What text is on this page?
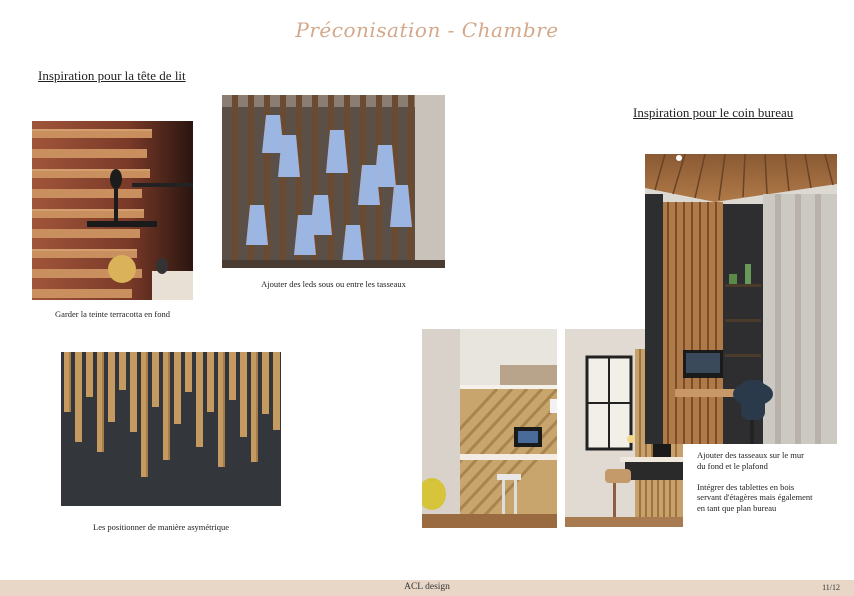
Préconisation - Chambre
Inspiration pour la tête de lit
Inspiration pour le coin bureau
Ajouter des leds sous ou entre les tasseaux
Garder la teinte terracotta en fond
Les positionner de manière asymétrique
Ajouter des tasseaux sur le mur
du fond et le plafond
Intégrer des tablettes en bois
servant d'étagères mais également
en tant que plan bureau
ACL design	11/12
